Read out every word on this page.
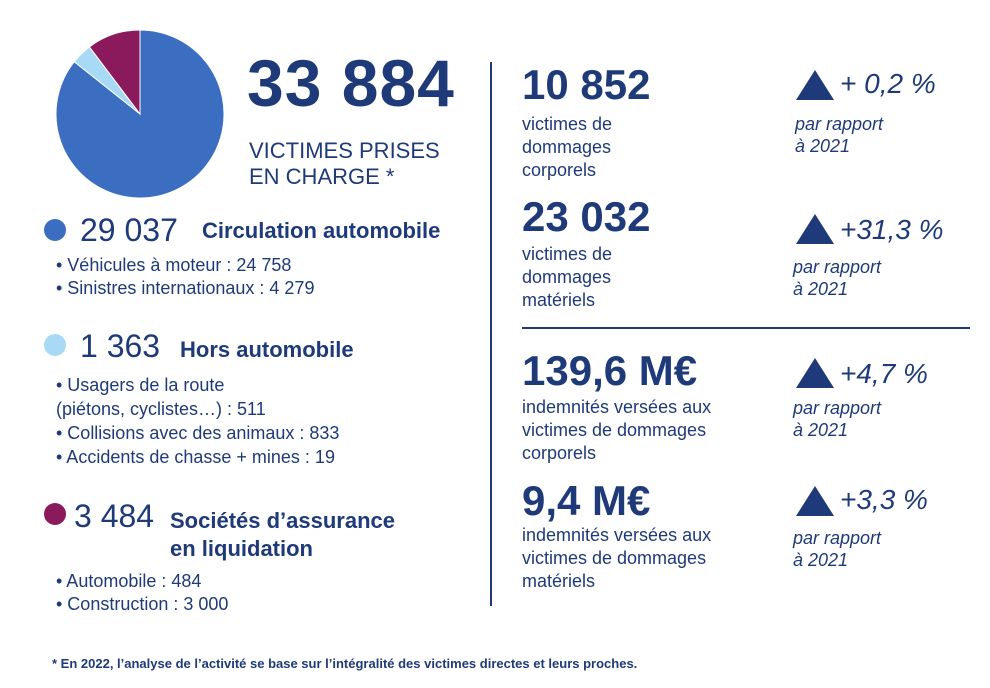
33 884
VICTIMES PRISES
EN CHARGE *
29 037 Circulation automobile
• Véhicules à moteur : 24 758
• Sinistres internationaux : 4 279
1 363 Hors automobile
• Usagers de la route
(piétons, cyclistes…) : 511
• Collisions avec des animaux : 833
• Accidents de chasse + mines : 19
3 484 Sociétés d’assurance
en liquidation
• Automobile : 484
• Construction : 3 000
10 852
victimes de
dommages
corporels
+ 0,2 %
par rapport
à 2021
23 032
victimes de
dommages
matériels
+31,3 %
par rapport
à 2021
139,6 M€
indemnités versées aux
victimes de dommages
corporels
+4,7 %
par rapport
à 2021
9,4 M€
indemnités versées aux
victimes de dommages
matériels
+3,3 %
par rapport
à 2021
* En 2022, l’analyse de l’activité se base sur l’intégralité des victimes directes et leurs proches.
